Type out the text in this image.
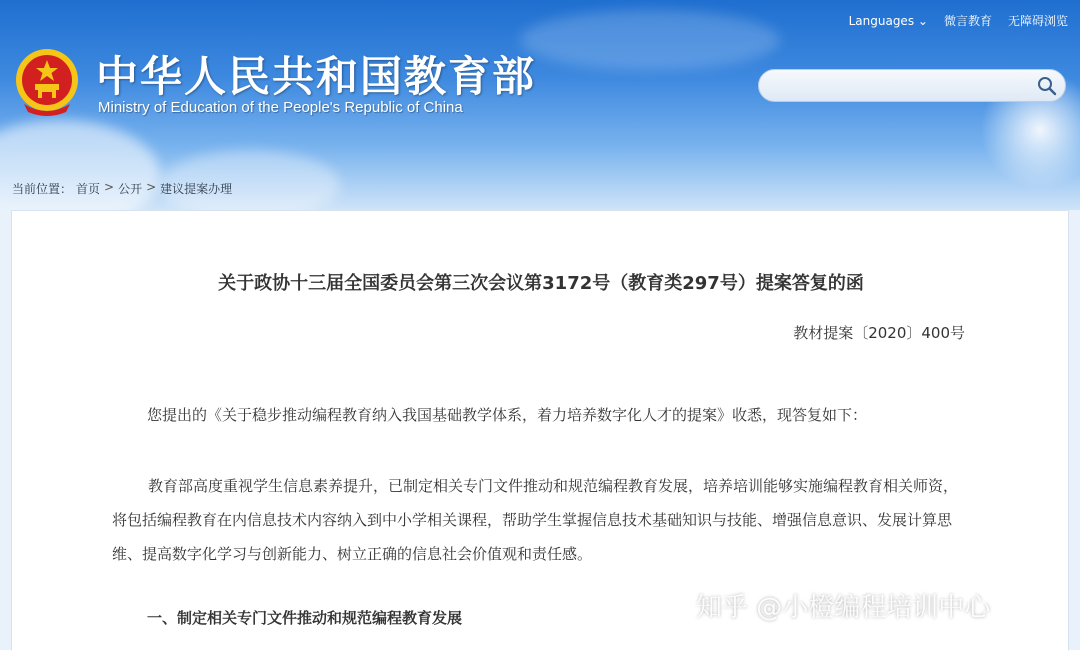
Languages ⌄ 微言教育 无障碍浏览
中华人民共和国教育部
Ministry of Education of the People's Republic of China
当前位置： 首页 > 公开 > 建议提案办理
关于政协十三届全国委员会第三次会议第3172号（教育类297号）提案答复的函
教材提案〔2020〕400号
您提出的《关于稳步推动编程教育纳入我国基础教学体系，着力培养数字化人才的提案》收悉，现答复如下：
教育部高度重视学生信息素养提升，已制定相关专门文件推动和规范编程教育发展，培养培训能够实施编程教育相关师资，将包括编程教育在内信息技术内容纳入到中小学相关课程，帮助学生掌握信息技术基础知识与技能、增强信息意识、发展计算思维、提高数字化学习与创新能力、树立正确的信息社会价值观和责任感。
一、制定相关专门文件推动和规范编程教育发展	知乎 @小橙编程培训中心
